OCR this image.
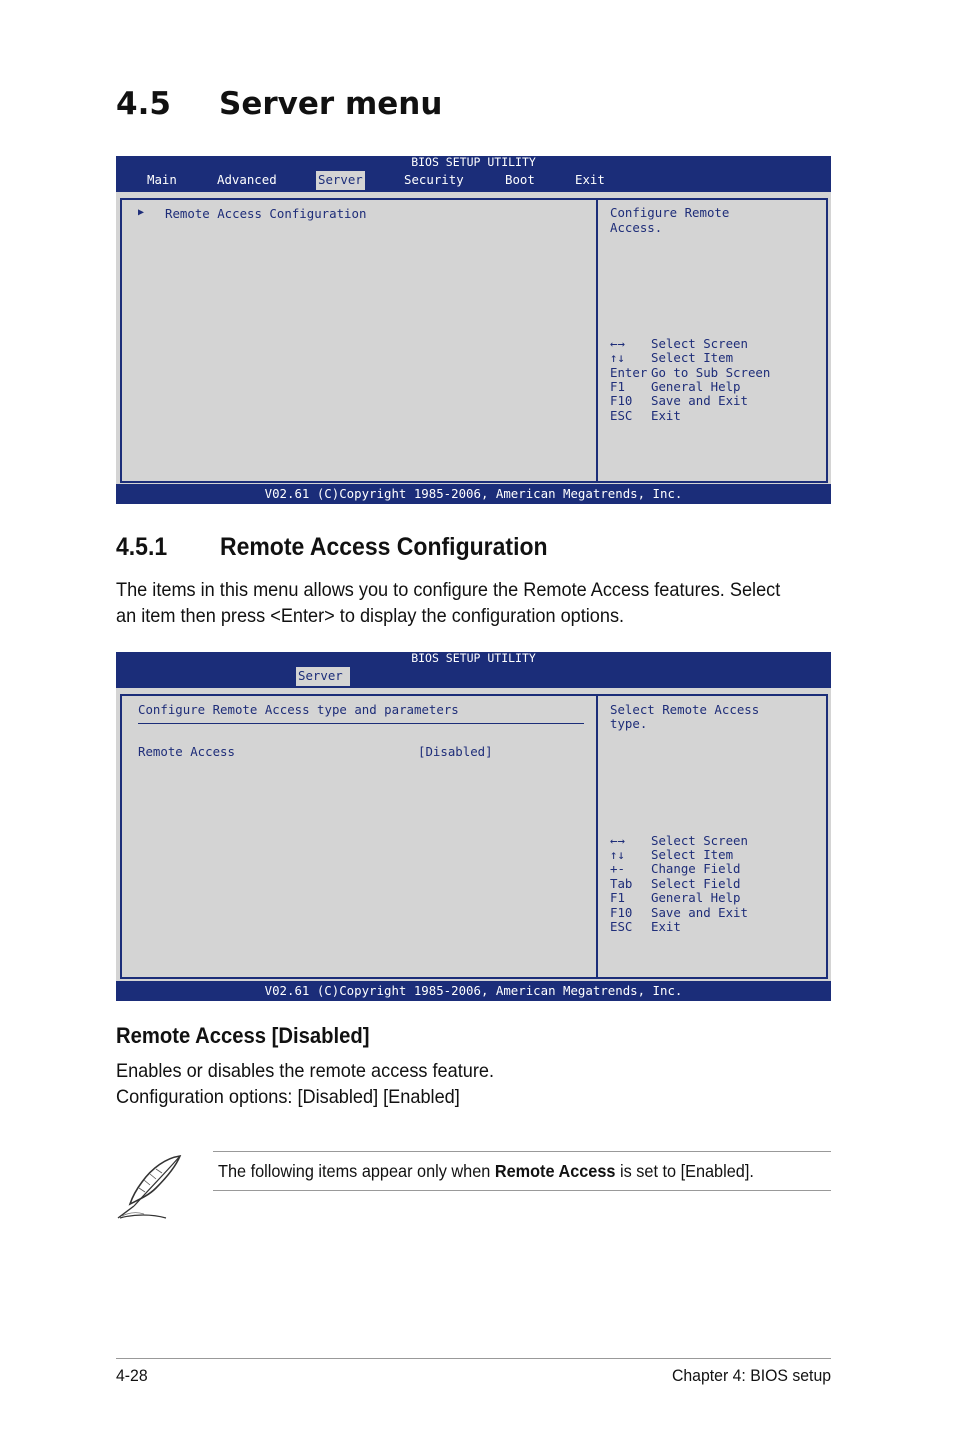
4.5 Server menu
BIOS SETUP UTILITY
Main	Advanced	Server	Security	Boot	Exit
▶ Remote Access Configuration	Configure Remote
Access.
←→ Select Screen
↑↓ Select Item
Enter Go to Sub Screen
F1 General Help
F10 Save and Exit
ESC Exit
V02.61 (C)Copyright 1985-2006, American Megatrends, Inc.
4.5.1 Remote Access Configuration
The items in this menu allows you to configure the Remote Access features. Select
an item then press <Enter> to display the configuration options.
BIOS SETUP UTILITY
Server
Configure Remote Access type and parameters
Remote Access	[Disabled]
Select Remote Access
type.
←→ Select Screen
↑↓ Select Item
+- Change Field
Tab Select Field
F1 General Help
F10 Save and Exit
ESC Exit
V02.61 (C)Copyright 1985-2006, American Megatrends, Inc.
Remote Access [Disabled]
Enables or disables the remote access feature.
Configuration options: [Disabled] [Enabled]
The following items appear only when Remote Access is set to [Enabled].
4-28	Chapter 4: BIOS setup
